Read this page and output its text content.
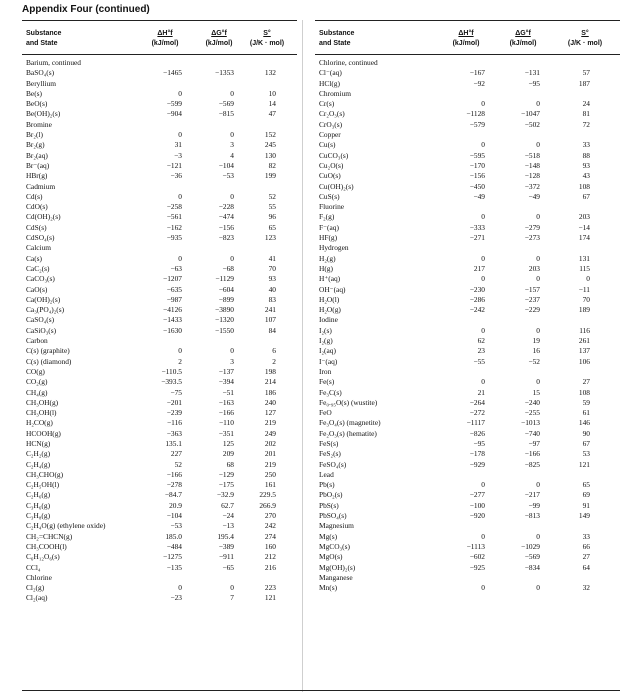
Appendix Four (continued)
Substance
and State
ΔH°f
(kJ/mol)
ΔG°f
(kJ/mol)
S°
(J/K · mol)
Barium, continued
BaSO₄(s)	−1465	−1353	132
Beryllium
Be(s)	0	0	10
BeO(s)	−599	−569	14
Be(OH)₂(s)	−904	−815	47
Bromine
Br₂(l)	0	0	152
Br₂(g)	31	3	245
Br₂(aq)	−3	4	130
Br⁻(aq)	−121	−104	82
HBr(g)	−36	−53	199
Cadmium
Cd(s)	0	0	52
CdO(s)	−258	−228	55
Cd(OH)₂(s)	−561	−474	96
CdS(s)	−162	−156	65
CdSO₄(s)	−935	−823	123
Calcium
Ca(s)	0	0	41
CaC₂(s)	−63	−68	70
CaCO₃(s)	−1207	−1129	93
CaO(s)	−635	−604	40
Ca(OH)₂(s)	−987	−899	83
Ca₃(PO₄)₂(s)	−4126	−3890	241
CaSO₄(s)	−1433	−1320	107
CaSiO₃(s)	−1630	−1550	84
Carbon
C(s) (graphite)	0	0	6
C(s) (diamond)	2	3	2
CO(g)	−110.5	−137	198
CO₂(g)	−393.5	−394	214
CH₄(g)	−75	−51	186
CH₃OH(g)	−201	−163	240
CH₃OH(l)	−239	−166	127
H₂CO(g)	−116	−110	219
HCOOH(g)	−363	−351	249
HCN(g)	135.1	125	202
C₂H₂(g)	227	209	201
C₂H₄(g)	52	68	219
CH₃CHO(g)	−166	−129	250
C₂H₅OH(l)	−278	−175	161
C₂H₆(g)	−84.7	−32.9	229.5
C₃H₆(g)	20.9	62.7	266.9
C₃H₈(g)	−104	−24	270
C₂H₄O(g) (ethylene oxide)	−53	−13	242
CH₂=CHCN(g)	185.0	195.4	274
CH₃COOH(l)	−484	−389	160
C₆H₁₂O₆(s)	−1275	−911	212
CCl₄	−135	−65	216
Chlorine
Cl₂(g)	0	0	223
Cl₂(aq)	−23	7	121
Substance
and State
ΔH°f
(kJ/mol)
ΔG°f
(kJ/mol)
S°
(J/K · mol)
Chlorine, continued
Cl⁻(aq)	−167	−131	57
HCl(g)	−92	−95	187
Chromium
Cr(s)	0	0	24
Cr₂O₃(s)	−1128	−1047	81
CrO₃(s)	−579	−502	72
Copper
Cu(s)	0	0	33
CuCO₃(s)	−595	−518	88
Cu₂O(s)	−170	−148	93
CuO(s)	−156	−128	43
Cu(OH)₂(s)	−450	−372	108
CuS(s)	−49	−49	67
Fluorine
F₂(g)	0	0	203
F⁻(aq)	−333	−279	−14
HF(g)	−271	−273	174
Hydrogen
H₂(g)	0	0	131
H(g)	217	203	115
H⁺(aq)	0	0	0
OH⁻(aq)	−230	−157	−11
H₂O(l)	−286	−237	70
H₂O(g)	−242	−229	189
Iodine
I₂(s)	0	0	116
I₂(g)	62	19	261
I₂(aq)	23	16	137
I⁻(aq)	−55	−52	106
Iron
Fe(s)	0	0	27
Fe₃C(s)	21	15	108
Fe₀.₉₅O(s) (wustite)	−264	−240	59
FeO	−272	−255	61
Fe₃O₄(s) (magnetite)	−1117	−1013	146
Fe₂O₃(s) (hematite)	−826	−740	90
FeS(s)	−95	−97	67
FeS₂(s)	−178	−166	53
FeSO₄(s)	−929	−825	121
Lead
Pb(s)	0	0	65
PbO₂(s)	−277	−217	69
PbS(s)	−100	−99	91
PbSO₄(s)	−920	−813	149
Magnesium
Mg(s)	0	0	33
MgCO₃(s)	−1113	−1029	66
MgO(s)	−602	−569	27
Mg(OH)₂(s)	−925	−834	64
Manganese
Mn(s)	0	0	32
